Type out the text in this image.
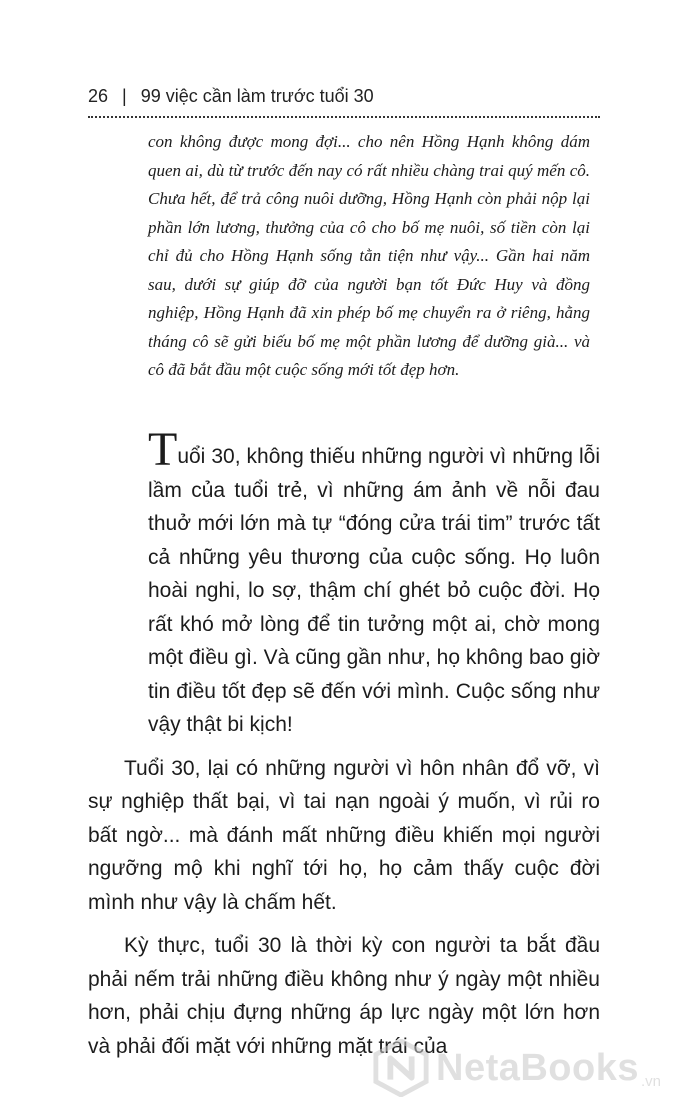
26 | 99 việc cần làm trước tuổi 30

con không được mong đợi... cho nên Hồng Hạnh không dám quen ai, dù từ trước đến nay có rất nhiều chàng trai quý mến cô. Chưa hết, để trả công nuôi dưỡng, Hồng Hạnh còn phải nộp lại phần lớn lương, thưởng của cô cho bố mẹ nuôi, số tiền còn lại chỉ đủ cho Hồng Hạnh sống tằn tiện như vậy... Gần hai năm sau, dưới sự giúp đỡ của người bạn tốt Đức Huy và đồng nghiệp, Hồng Hạnh đã xin phép bố mẹ chuyển ra ở riêng, hằng tháng cô sẽ gửi biếu bố mẹ một phần lương để dưỡng già... và cô đã bắt đầu một cuộc sống mới tốt đẹp hơn.

Tuổi 30, không thiếu những người vì những lỗi lầm của tuổi trẻ, vì những ám ảnh về nỗi đau thuở mới lớn mà tự “đóng cửa trái tim” trước tất cả những yêu thương của cuộc sống. Họ luôn hoài nghi, lo sợ, thậm chí ghét bỏ cuộc đời. Họ rất khó mở lòng để tin tưởng một ai, chờ mong một điều gì. Và cũng gần như, họ không bao giờ tin điều tốt đẹp sẽ đến với mình. Cuộc sống như vậy thật bi kịch!

Tuổi 30, lại có những người vì hôn nhân đổ vỡ, vì sự nghiệp thất bại, vì tai nạn ngoài ý muốn, vì rủi ro bất ngờ... mà đánh mất những điều khiến mọi người ngưỡng mộ khi nghĩ tới họ, họ cảm thấy cuộc đời mình như vậy là chấm hết.

Kỳ thực, tuổi 30 là thời kỳ con người ta bắt đầu phải nếm trải những điều không như ý ngày một nhiều hơn, phải chịu đựng những áp lực ngày một lớn hơn và phải đối mặt với những mặt trái của

NetaBooks .vn
